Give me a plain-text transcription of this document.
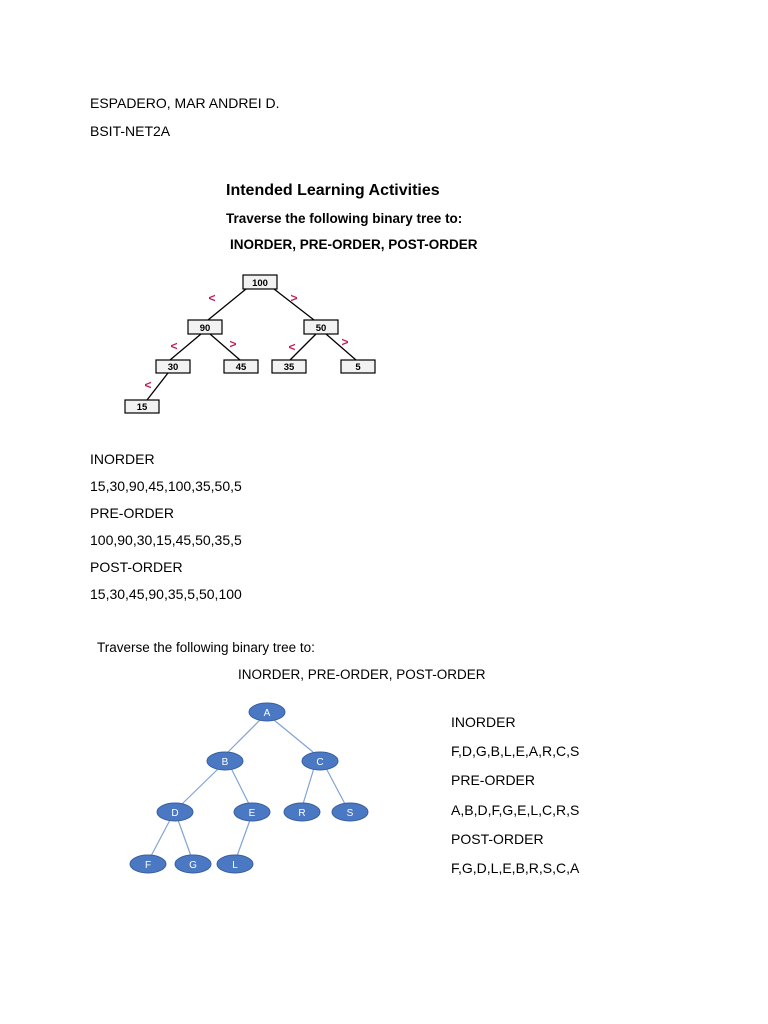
ESPADERO, MAR ANDREI D.
BSIT-NET2A
Intended Learning Activities
Traverse the following binary tree to:
INORDER, PRE-ORDER, POST-ORDER
<	>
<	>	<	>
<
100
90	50
30	45	35	5
15
INORDER
15,30,90,45,100,35,50,5
PRE-ORDER
100,90,30,15,45,50,35,5
POST-ORDER
15,30,45,90,35,5,50,100
Traverse the following binary tree to:
INORDER, PRE-ORDER, POST-ORDER
A
B	C
D	E	R	S
F	G	L
INORDER
F,D,G,B,L,E,A,R,C,S
PRE-ORDER
A,B,D,F,G,E,L,C,R,S
POST-ORDER
F,G,D,L,E,B,R,S,C,A
